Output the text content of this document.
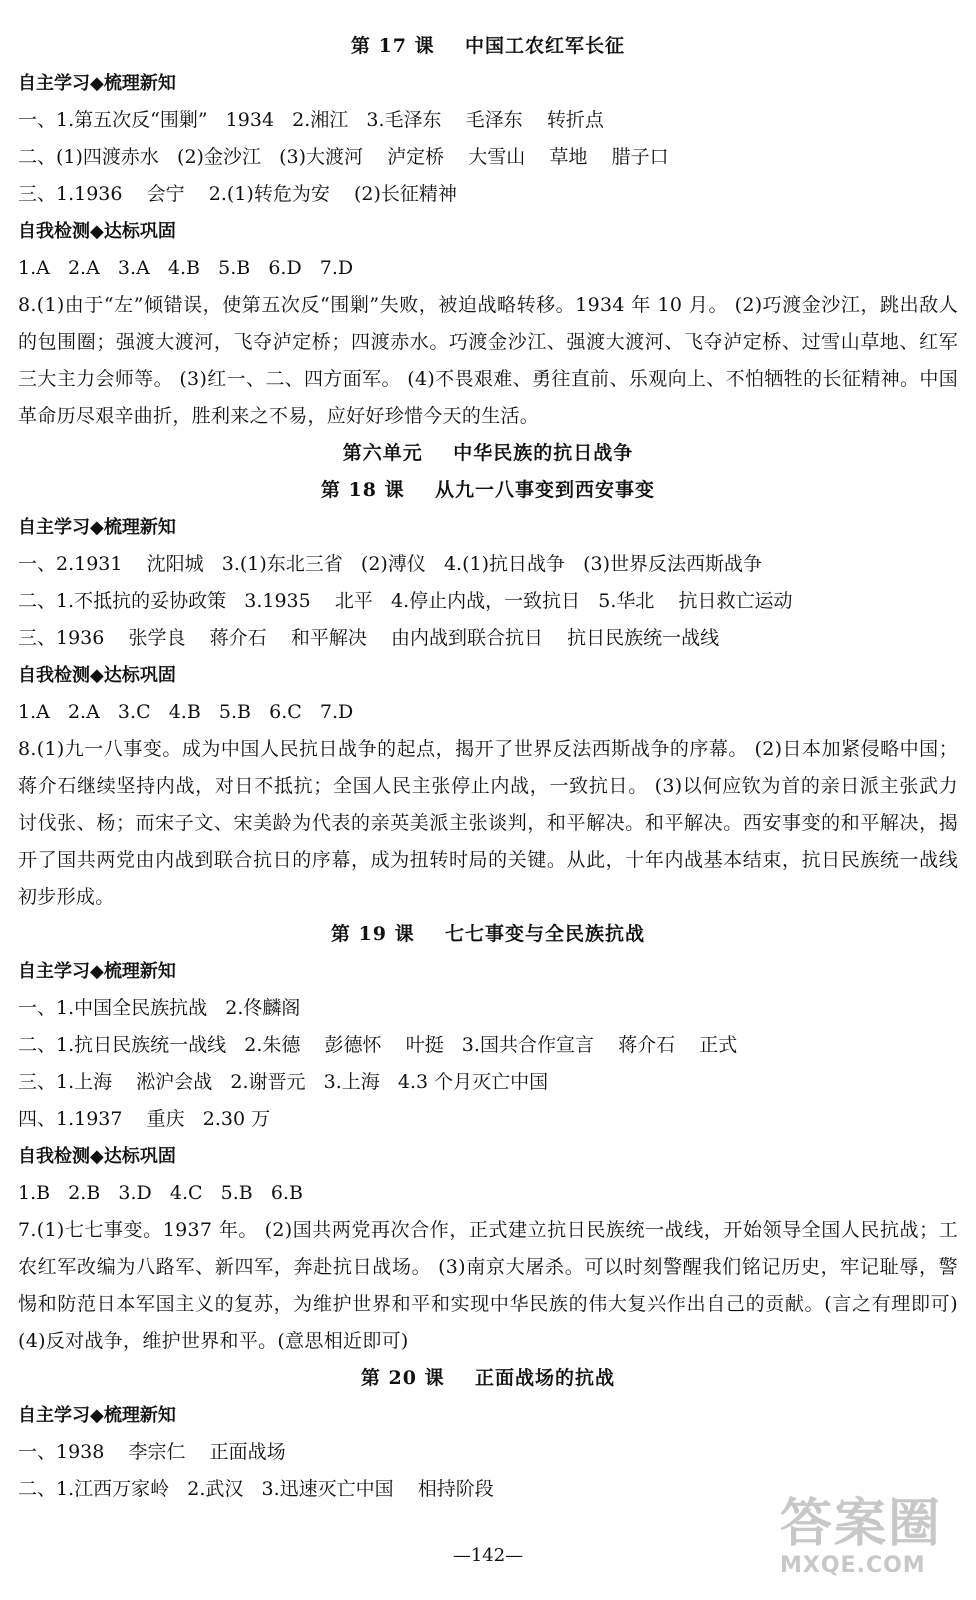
第 17 课    中国工农红军长征
自主学习◆梳理新知
一、1.第五次反“围剿”   1934   2.湘江   3.毛泽东    毛泽东    转折点
二、(1)四渡赤水   (2)金沙江   (3)大渡河    泸定桥    大雪山    草地    腊子口
三、1.1936    会宁    2.(1)转危为安    (2)长征精神
自我检测◆达标巩固
1.A   2.A   3.A   4.B   5.B   6.D   7.D
8.(1)由于“左”倾错误，使第五次反“围剿”失败，被迫战略转移。1934 年 10 月。 (2)巧渡金沙江，跳出敌人的包围圈；强渡大渡河，飞夺泸定桥；四渡赤水。巧渡金沙江、强渡大渡河、飞夺泸定桥、过雪山草地、红军三大主力会师等。 (3)红一、二、四方面军。 (4)不畏艰难、勇往直前、乐观向上、不怕牺牲的长征精神。中国革命历尽艰辛曲折，胜利来之不易，应好好珍惜今天的生活。
第六单元    中华民族的抗日战争
第 18 课    从九一八事变到西安事变
自主学习◆梳理新知
一、2.1931    沈阳城   3.(1)东北三省   (2)溥仪   4.(1)抗日战争   (3)世界反法西斯战争
二、1.不抵抗的妥协政策   3.1935    北平   4.停止内战，一致抗日   5.华北    抗日救亡运动
三、1936    张学良    蒋介石    和平解决    由内战到联合抗日    抗日民族统一战线
自我检测◆达标巩固
1.A   2.A   3.C   4.B   5.B   6.C   7.D
8.(1)九一八事变。成为中国人民抗日战争的起点，揭开了世界反法西斯战争的序幕。 (2)日本加紧侵略中国；蒋介石继续坚持内战，对日不抵抗；全国人民主张停止内战，一致抗日。 (3)以何应钦为首的亲日派主张武力讨伐张、杨；而宋子文、宋美龄为代表的亲英美派主张谈判，和平解决。和平解决。西安事变的和平解决，揭开了国共两党由内战到联合抗日的序幕，成为扭转时局的关键。从此，十年内战基本结束，抗日民族统一战线初步形成。
第 19 课    七七事变与全民族抗战
自主学习◆梳理新知
一、1.中国全民族抗战   2.佟麟阁
二、1.抗日民族统一战线   2.朱德    彭德怀    叶挺   3.国共合作宣言    蒋介石    正式
三、1.上海    淞沪会战   2.谢晋元   3.上海   4.3 个月灭亡中国
四、1.1937    重庆   2.30 万
自我检测◆达标巩固
1.B   2.B   3.D   4.C   5.B   6.B
7.(1)七七事变。1937 年。 (2)国共两党再次合作，正式建立抗日民族统一战线，开始领导全国人民抗战；工农红军改编为八路军、新四军，奔赴抗日战场。 (3)南京大屠杀。可以时刻警醒我们铭记历史，牢记耻辱，警惕和防范日本军国主义的复苏，为维护世界和平和实现中华民族的伟大复兴作出自己的贡献。(言之有理即可) (4)反对战争，维护世界和平。(意思相近即可)
第 20 课    正面战场的抗战
自主学习◆梳理新知
一、1938    李宗仁    正面战场
二、1.江西万家岭   2.武汉   3.迅速灭亡中国    相持阶段
答案圈
MXQE.COM
—142—
